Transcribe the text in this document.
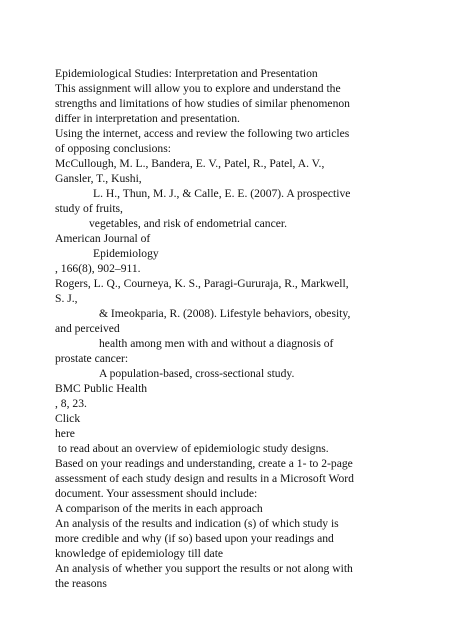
Epidemiological Studies: Interpretation and Presentation
This assignment will allow you to explore and understand the
strengths and limitations of how studies of similar phenomenon
differ in interpretation and presentation.
Using the internet, access and review the following two articles
of opposing conclusions:
McCullough, M. L., Bandera, E. V., Patel, R., Patel, A. V.,
Gansler, T., Kushi,
L. H., Thun, M. J., & Calle, E. E. (2007). A prospective
study of fruits,
vegetables, and risk of endometrial cancer.
American Journal of
Epidemiology
, 166(8), 902–911.
Rogers, L. Q., Courneya, K. S., Paragi-Gururaja, R., Markwell,
S. J.,
& Imeokparia, R. (2008). Lifestyle behaviors, obesity,
and perceived
health among men with and without a diagnosis of
prostate cancer:
A population-based, cross-sectional study.
BMC Public Health
, 8, 23.
Click
here
to read about an overview of epidemiologic study designs.
Based on your readings and understanding, create a 1- to 2-page
assessment of each study design and results in a Microsoft Word
document. Your assessment should include:
A comparison of the merits in each approach
An analysis of the results and indication (s) of which study is
more credible and why (if so) based upon your readings and
knowledge of epidemiology till date
An analysis of whether you support the results or not along with
the reasons
